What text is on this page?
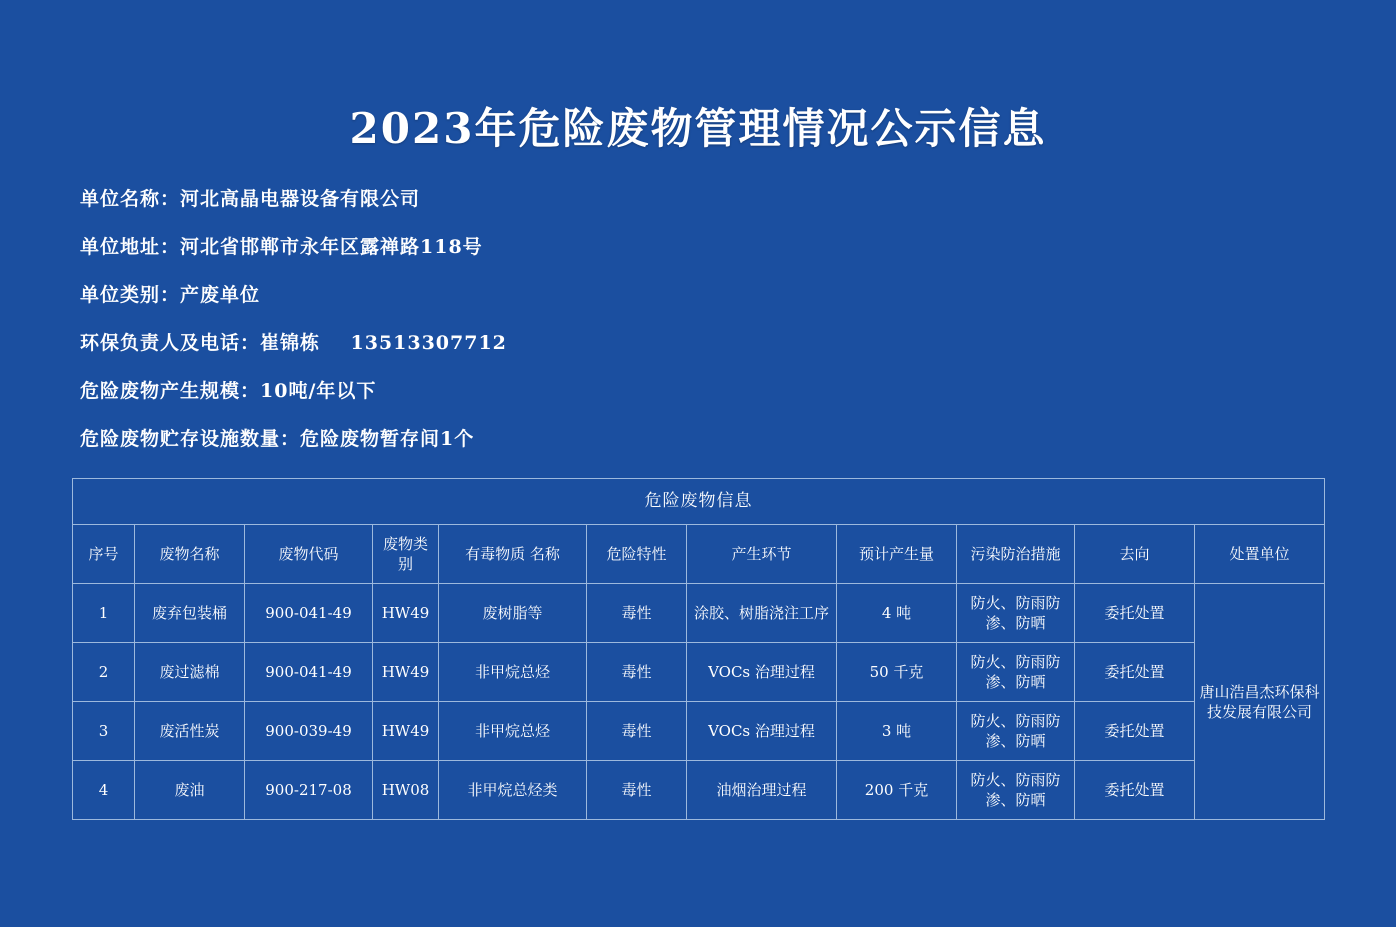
2023年危险废物管理情况公示信息
单位名称：河北高晶电器设备有限公司
单位地址：河北省邯郸市永年区露禅路118号
单位类别：产废单位
环保负责人及电话：崔锦栋    13513307712
危险废物产生规模：10吨/年以下
危险废物贮存设施数量：危险废物暂存间1个
危险废物信息										
序号	废物名称	废物代码	废物类别	有毒物质 名称	危险特性	产生环节	预计产生量	污染防治措施	去向	处置单位
1	废弃包装桶	900-041-49	HW49	废树脂等	毒性	涂胶、树脂浇注工序	4 吨	防火、防雨防渗、防晒	委托处置	唐山浩昌杰环保科技发展有限公司
2	废过滤棉	900-041-49	HW49	非甲烷总烃	毒性	VOCs 治理过程	50 千克	防火、防雨防渗、防晒	委托处置	
3	废活性炭	900-039-49	HW49	非甲烷总烃	毒性	VOCs 治理过程	3 吨	防火、防雨防渗、防晒	委托处置	
4	废油	900-217-08	HW08	非甲烷总烃类	毒性	油烟治理过程	200 千克	防火、防雨防渗、防晒	委托处置	
